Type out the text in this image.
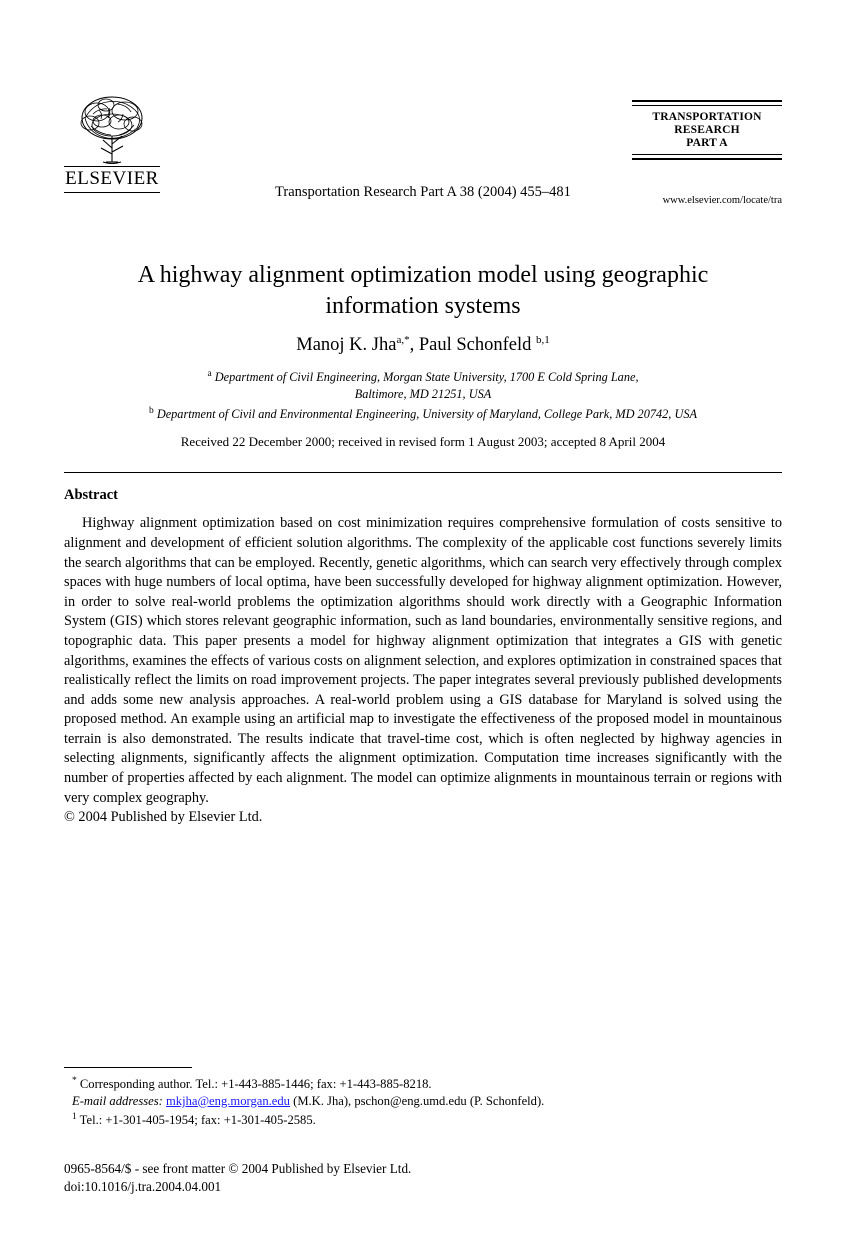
ELSEVIER
Transportation Research Part A 38 (2004) 455–481
TRANSPORTATION
RESEARCH
PART A
www.elsevier.com/locate/tra
A highway alignment optimization model using geographic information systems
Manoj K. Jha$^{a,*}$, Paul Schonfeld $^{b,1}$
$^a$ Department of Civil Engineering, Morgan State University, 1700 E Cold Spring Lane,
Baltimore, MD 21251, USA
$^b$ Department of Civil and Environmental Engineering, University of Maryland, College Park, MD 20742, USA
Received 22 December 2000; received in revised form 1 August 2003; accepted 8 April 2004
Abstract
Highway alignment optimization based on cost minimization requires comprehensive formulation of costs sensitive to alignment and development of efficient solution algorithms. The complexity of the applicable cost functions severely limits the search algorithms that can be employed. Recently, genetic algorithms, which can search very effectively through complex spaces with huge numbers of local optima, have been successfully developed for highway alignment optimization. However, in order to solve real-world problems the optimization algorithms should work directly with a Geographic Information System (GIS) which stores relevant geographic information, such as land boundaries, environmentally sensitive regions, and topographic data. This paper presents a model for highway alignment optimization that integrates a GIS with genetic algorithms, examines the effects of various costs on alignment selection, and explores optimization in constrained spaces that realistically reflect the limits on road improvement projects. The paper integrates several previously published developments and adds some new analysis approaches. A real-world problem using a GIS database for Maryland is solved using the proposed method. An example using an artificial map to investigate the effectiveness of the proposed model in mountainous terrain is also demonstrated. The results indicate that travel-time cost, which is often neglected by highway agencies in selecting alignments, significantly affects the alignment optimization. Computation time increases significantly with the number of properties affected by each alignment. The model can optimize alignments in mountainous terrain or regions with very complex geography.
© 2004 Published by Elsevier Ltd.
* Corresponding author. Tel.: +1-443-885-1446; fax: +1-443-885-8218.
E-mail addresses: mkjha@eng.morgan.edu (M.K. Jha), pschon@eng.umd.edu (P. Schonfeld).
$^1$ Tel.: +1-301-405-1954; fax: +1-301-405-2585.
0965-8564/$ - see front matter © 2004 Published by Elsevier Ltd.
doi:10.1016/j.tra.2004.04.001
